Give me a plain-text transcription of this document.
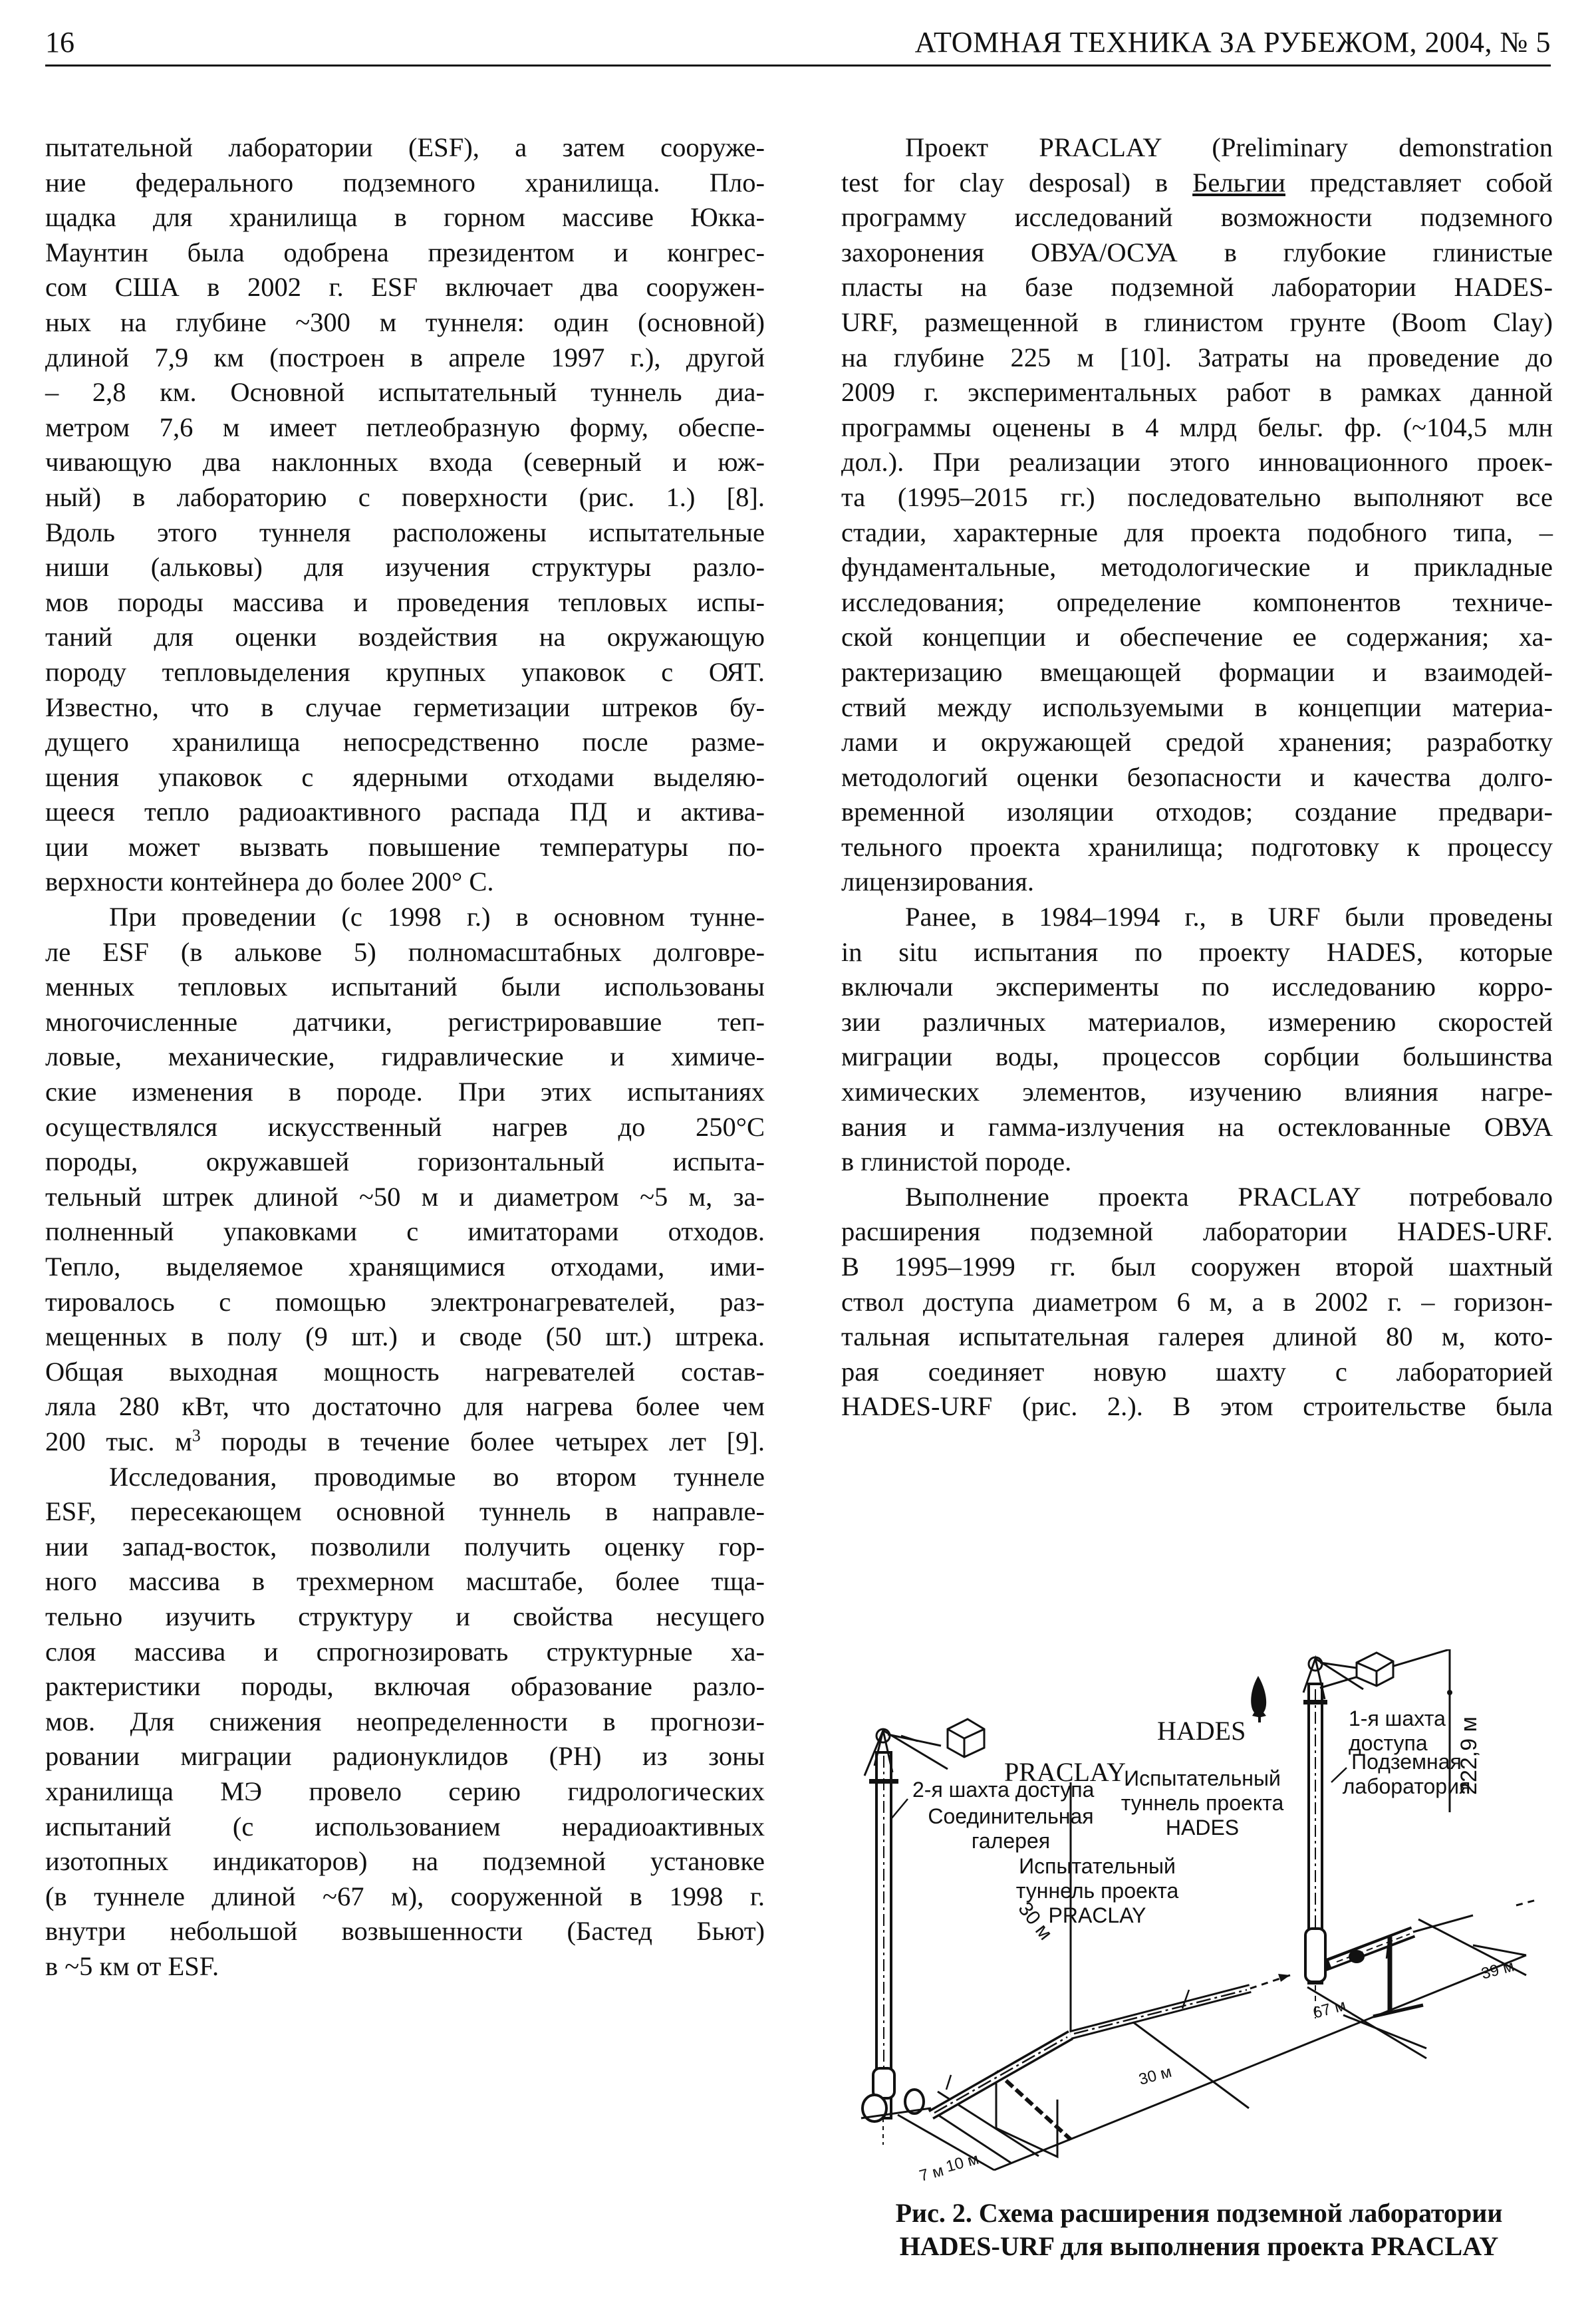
16	АТОМНАЯ ТЕХНИКА ЗА РУБЕЖОМ, 2004, № 5

пытательной лаборатории (ESF), а затем сооруже-
ние федерального подземного хранилища. Пло-
щадка для хранилища в горном массиве Юкка-
Маунтин была одобрена президентом и конгрес-
сом США в 2002 г. ESF включает два сооружен-
ных на глубине ~300 м туннеля: один (основной)
длиной 7,9 км (построен в апреле 1997 г.), другой
– 2,8 км. Основной испытательный туннель диа-
метром 7,6 м имеет петлеобразную форму, обеспе-
чивающую два наклонных входа (северный и юж-
ный) в лабораторию с поверхности (рис. 1.) [8].
Вдоль этого туннеля расположены испытательные
ниши (альковы) для изучения структуры разло-
мов породы массива и проведения тепловых испы-
таний для оценки воздействия на окружающую
породу тепловыделения крупных упаковок с ОЯТ.
Известно, что в случае герметизации штреков бу-
дущего хранилища непосредственно после разме-
щения упаковок с ядерными отходами выделяю-
щееся тепло радиоактивного распада ПД и актива-
ции может вызвать повышение температуры по-
верхности контейнера до более 200° С.

При проведении (с 1998 г.) в основном тунне-
ле ESF (в алькове 5) полномасштабных долговре-
менных тепловых испытаний были использованы
многочисленные датчики, регистрировавшие теп-
ловые, механические, гидравлические и химиче-
ские изменения в породе. При этих испытаниях
осуществлялся искусственный нагрев до 250°С
породы, окружавшей горизонтальный испыта-
тельный штрек длиной ~50 м и диаметром ~5 м, за-
полненный упаковками с имитаторами отходов.
Тепло, выделяемое хранящимися отходами, ими-
тировалось с помощью электронагревателей, раз-
мещенных в полу (9 шт.) и своде (50 шт.) штрека.
Общая выходная мощность нагревателей состав-
ляла 280 кВт, что достаточно для нагрева более чем
200 тыс. $м^3$ породы в течение более четырех лет [9].

Исследования, проводимые во втором туннеле
ESF, пересекающем основной туннель в направле-
нии запад-восток, позволили получить оценку гор-
ного массива в трехмерном масштабе, более тща-
тельно изучить структуру и свойства несущего
слоя массива и спрогнозировать структурные ха-
рактеристики породы, включая образование разло-
мов. Для снижения неопределенности в прогнози-
ровании миграции радионуклидов (РН) из зоны
хранилища МЭ провело серию гидрологических
испытаний (с использованием нерадиоактивных
изотопных индикаторов) на подземной установке
(в туннеле длиной ~67 м), сооруженной в 1998 г.
внутри небольшой возвышенности (Бастед Бьют)
в ~5 км от ESF.

Проект PRACLAY (Preliminary demonstration
test for clay desposal) в Бельгии представляет собой
программу исследований возможности подземного
захоронения ОВУА/ОСУА в глубокие глинистые
пласты на базе подземной лаборатории HADES-
URF, размещенной в глинистом грунте (Boom Clay)
на глубине 225 м [10]. Затраты на проведение до
2009 г. экспериментальных работ в рамках данной
программы оценены в 4 млрд бельг. фр. (~104,5 млн
дол.). При реализации этого инновационного проек-
та (1995–2015 гг.) последовательно выполняют все
стадии, характерные для проекта подобного типа, –
фундаментальные, методологические и прикладные
исследования; определение компонентов техниче-
ской концепции и обеспечение ее содержания; ха-
рактеризацию вмещающей формации и взаимодей-
ствий между используемыми в концепции материа-
лами и окружающей средой хранения; разработку
методологий оценки безопасности и качества долго-
временной изоляции отходов; создание предвари-
тельного проекта хранилища; подготовку к процессу
лицензирования.

Ранее, в 1984–1994 г., в URF были проведены
in situ испытания по проекту HADES, которые
включали эксперименты по исследованию корро-
зии различных материалов, измерению скоростей
миграции воды, процессов сорбции большинства
химических элементов, изучению влияния нагре-
вания и гамма-излучения на остеклованные ОВУА
в глинистой породе.

Выполнение проекта PRACLAY потребовало
расширения подземной лаборатории HADES-URF.
В 1995–1999 гг. был сооружен второй шахтный
ствол доступа диаметром 6 м, а в 2002 г. – горизон-
тальная испытательная галерея длиной 80 м, кото-
рая соединяет новую шахту с лабораторией
HADES-URF (рис. 2.). В этом строительстве была

222,9 м
PRACLAY
HADES
2-я шахта доступа
1-я шахта
доступа
Подземная
лаборатория
Испытательный
туннель проекта
HADES
Соединительная
галерея
Испытательный
туннель проекта
PRACLAY
7 м
10 м
30 м
30 м
67 м
39 м
Рис. 2. Схема расширения подземной лаборатории
HADES-URF для выполнения проекта PRACLAY
